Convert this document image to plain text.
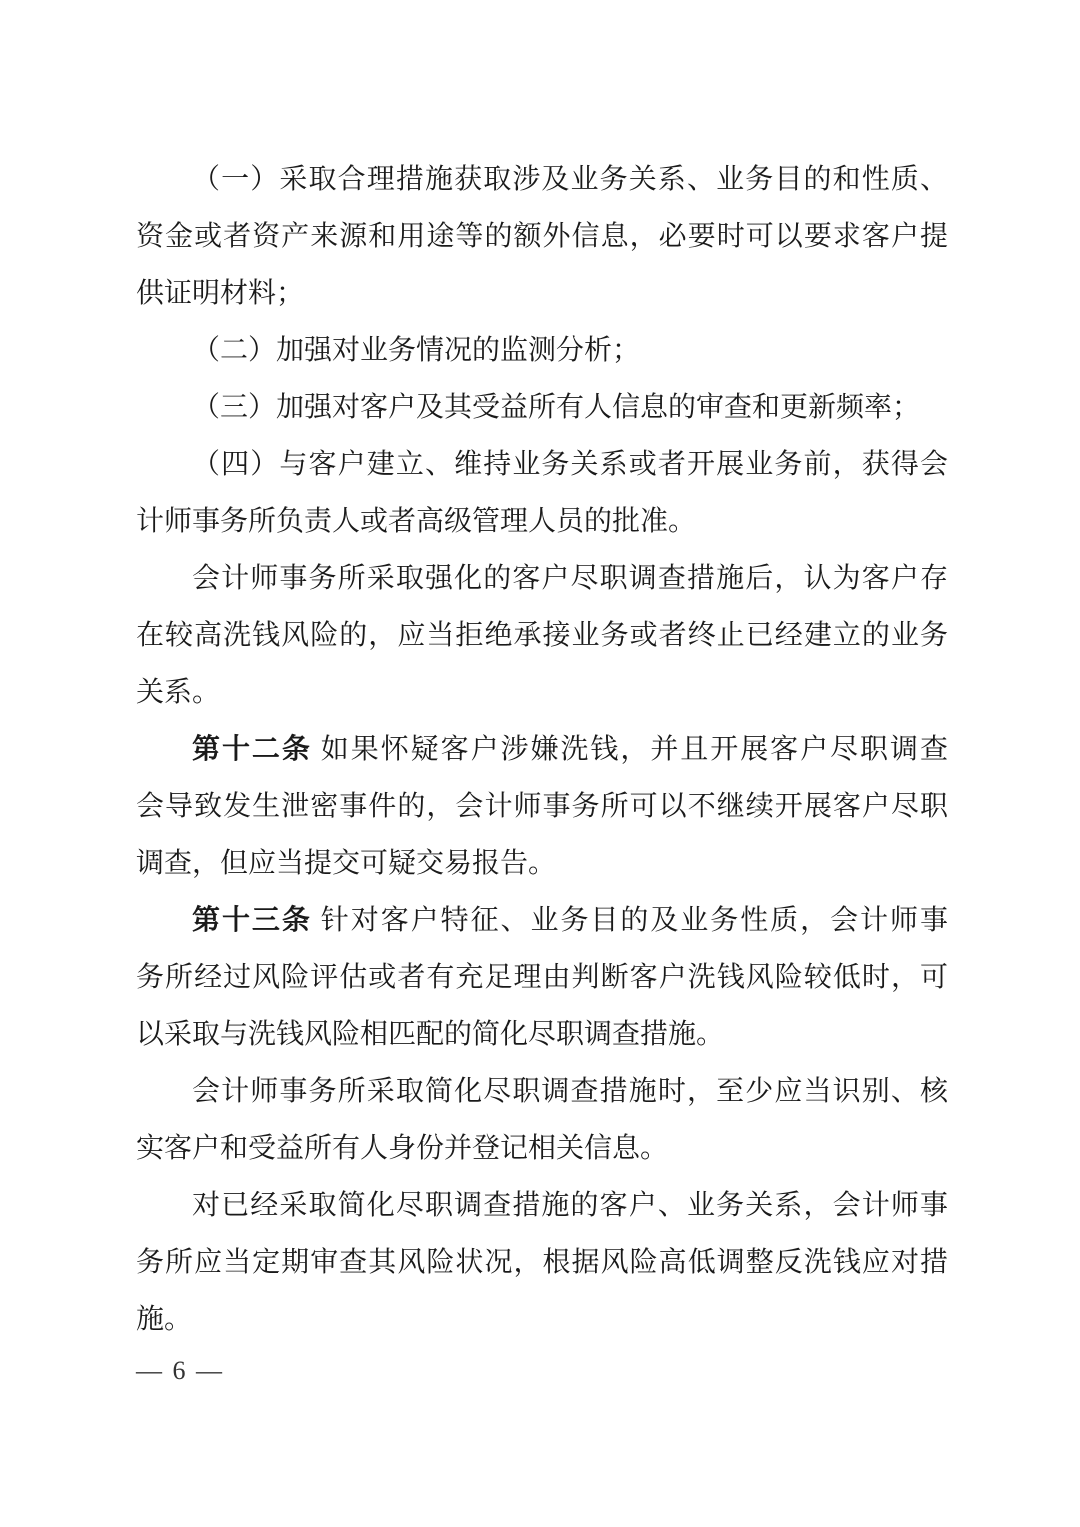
（一）采取合理措施获取涉及业务关系、业务目的和性质、
资金或者资产来源和用途等的额外信息，必要时可以要求客户提
供证明材料；
（二）加强对业务情况的监测分析；
（三）加强对客户及其受益所有人信息的审查和更新频率；
（四）与客户建立、维持业务关系或者开展业务前，获得会
计师事务所负责人或者高级管理人员的批准。
会计师事务所采取强化的客户尽职调查措施后，认为客户存
在较高洗钱风险的，应当拒绝承接业务或者终止已经建立的业务
关系。
第十二条  如果怀疑客户涉嫌洗钱，并且开展客户尽职调查
会导致发生泄密事件的，会计师事务所可以不继续开展客户尽职
调查，但应当提交可疑交易报告。
第十三条  针对客户特征、业务目的及业务性质，会计师事
务所经过风险评估或者有充足理由判断客户洗钱风险较低时，可
以采取与洗钱风险相匹配的简化尽职调查措施。
会计师事务所采取简化尽职调查措施时，至少应当识别、核
实客户和受益所有人身份并登记相关信息。
对已经采取简化尽职调查措施的客户、业务关系，会计师事
务所应当定期审查其风险状况，根据风险高低调整反洗钱应对措
施。
— 6 —
